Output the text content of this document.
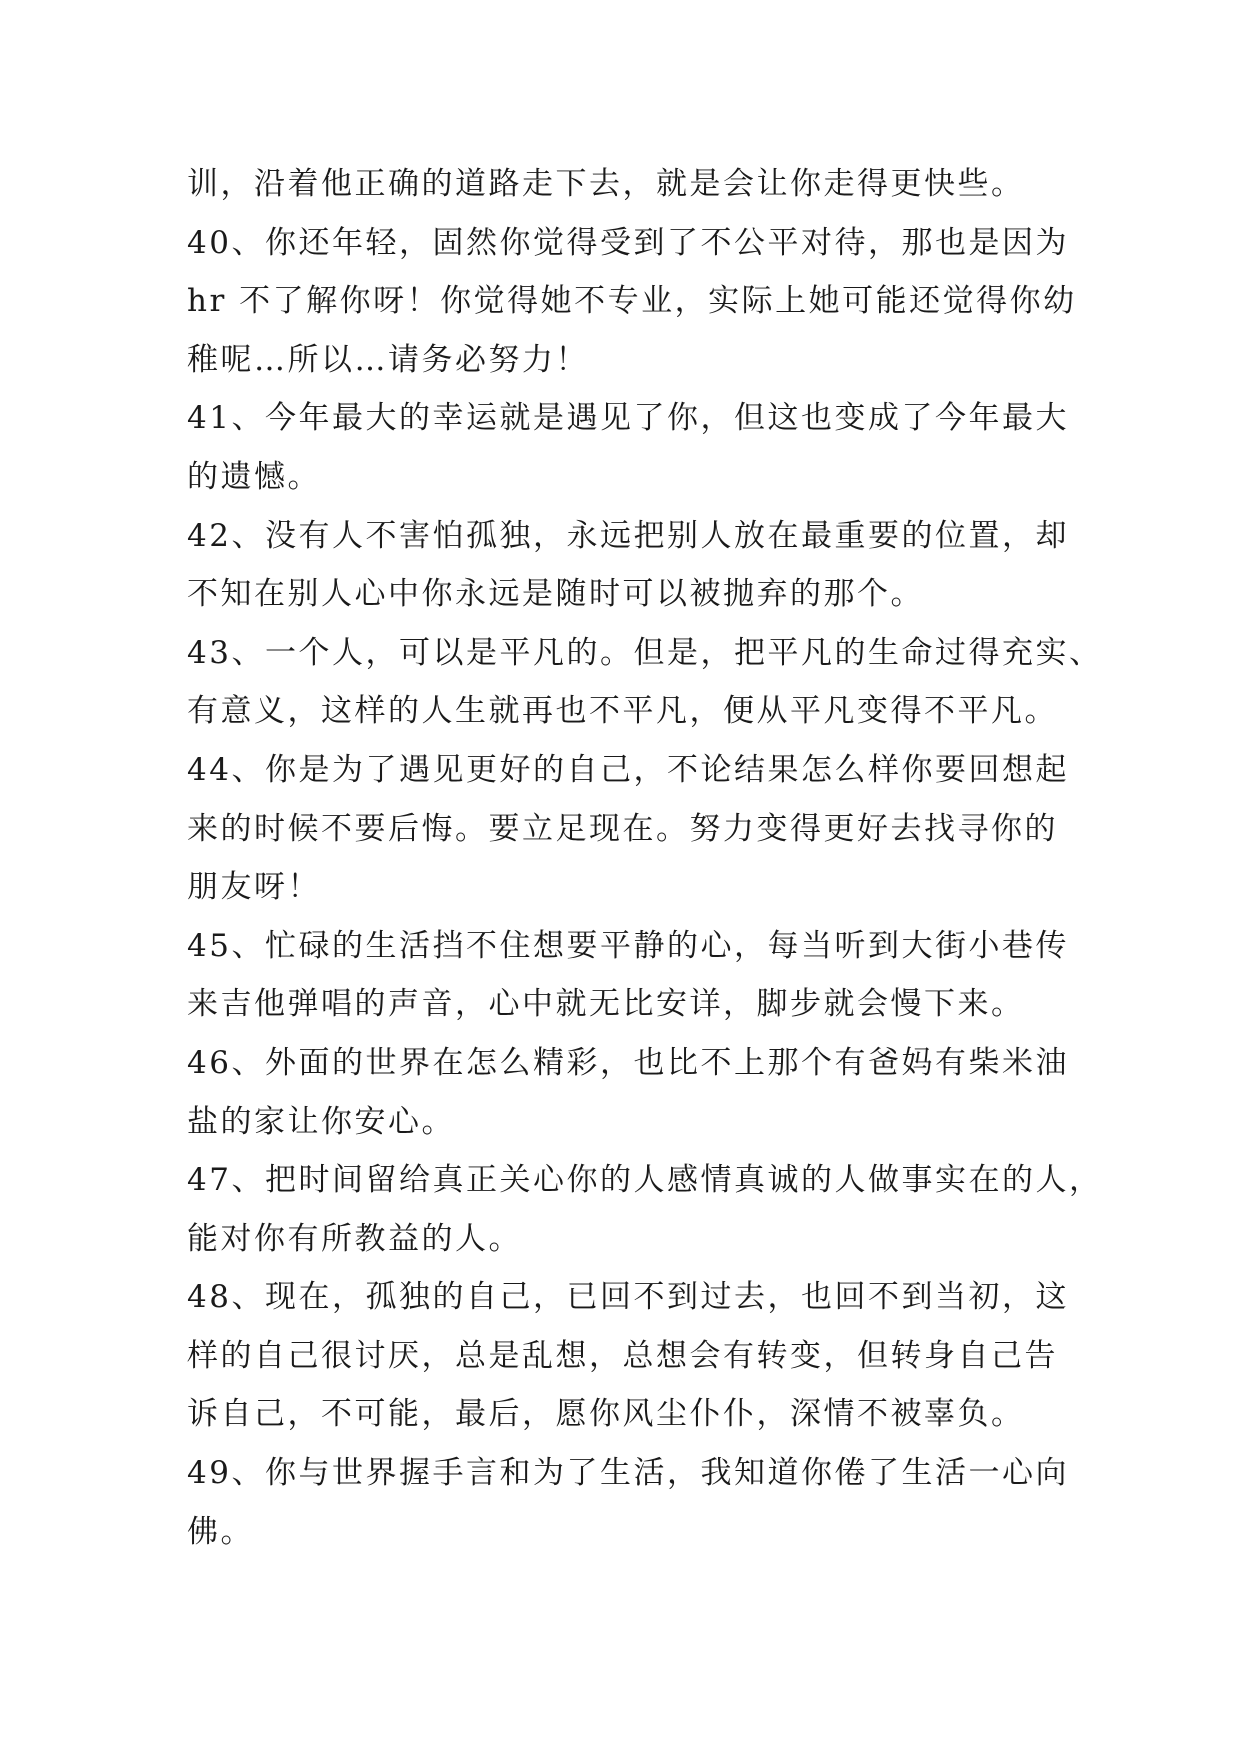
训，沿着他正确的道路走下去，就是会让你走得更快些。
40、你还年轻，固然你觉得受到了不公平对待，那也是因为
hr 不了解你呀！你觉得她不专业，实际上她可能还觉得你幼
稚呢…所以…请务必努力！
41、今年最大的幸运就是遇见了你，但这也变成了今年最大
的遗憾。
42、没有人不害怕孤独，永远把别人放在最重要的位置，却
不知在别人心中你永远是随时可以被抛弃的那个。
43、一个人，可以是平凡的。但是，把平凡的生命过得充实、
有意义，这样的人生就再也不平凡，便从平凡变得不平凡。
44、你是为了遇见更好的自己，不论结果怎么样你要回想起
来的时候不要后悔。要立足现在。努力变得更好去找寻你的
朋友呀！
45、忙碌的生活挡不住想要平静的心，每当听到大街小巷传
来吉他弹唱的声音，心中就无比安详，脚步就会慢下来。
46、外面的世界在怎么精彩，也比不上那个有爸妈有柴米油
盐的家让你安心。
47、把时间留给真正关心你的人感情真诚的人做事实在的人，
能对你有所教益的人。
48、现在，孤独的自己，已回不到过去，也回不到当初，这
样的自己很讨厌，总是乱想，总想会有转变，但转身自己告
诉自己，不可能，最后，愿你风尘仆仆，深情不被辜负。
49、你与世界握手言和为了生活，我知道你倦了生活一心向
佛。
